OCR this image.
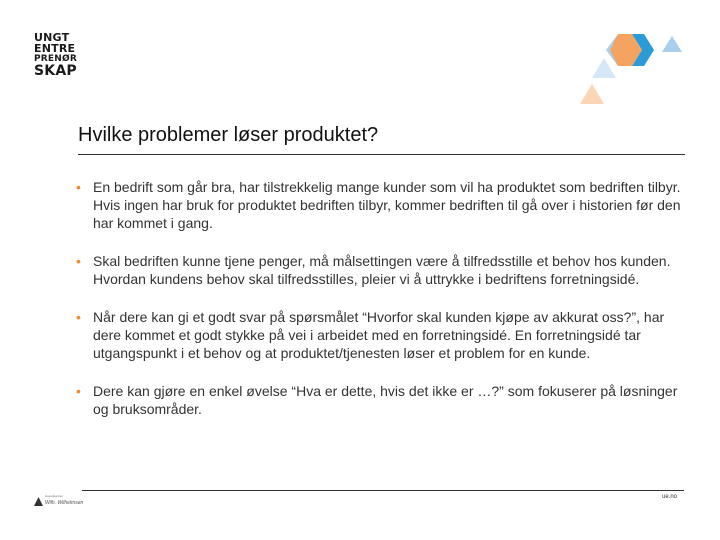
UNGT
ENTRE
PRENØR
SKAP
Hvilke problemer løser produktet?
• En bedrift som går bra, har tilstrekkelig mange kunder som vil ha produktet som bedriften tilbyr. Hvis ingen har bruk for produktet bedriften tilbyr, kommer bedriften til gå over i historien før den har kommet i gang.
• Skal bedriften kunne tjene penger, må målsettingen være å tilfredsstille et behov hos kunden. Hvordan kundens behov skal tilfredsstilles, pleier vi å uttrykke i bedriftens forretningsidé.
• Når dere kan gi et godt svar på spørsmålet “Hvorfor skal kunden kjøpe av akkurat oss?”, har dere kommet et godt stykke på vei i arbeidet med en forretningsidé. En forretningsidé tar utgangspunkt i et behov og at produktet/tjenesten løser et problem for en kunde.
• Dere kan gjøre en enkel øvelse “Hva er dette, hvis det ikke er …?” som fokuserer på løsninger og bruksområder.
Hovedpartner
Wilh. Wilhelmsen
ue.no
